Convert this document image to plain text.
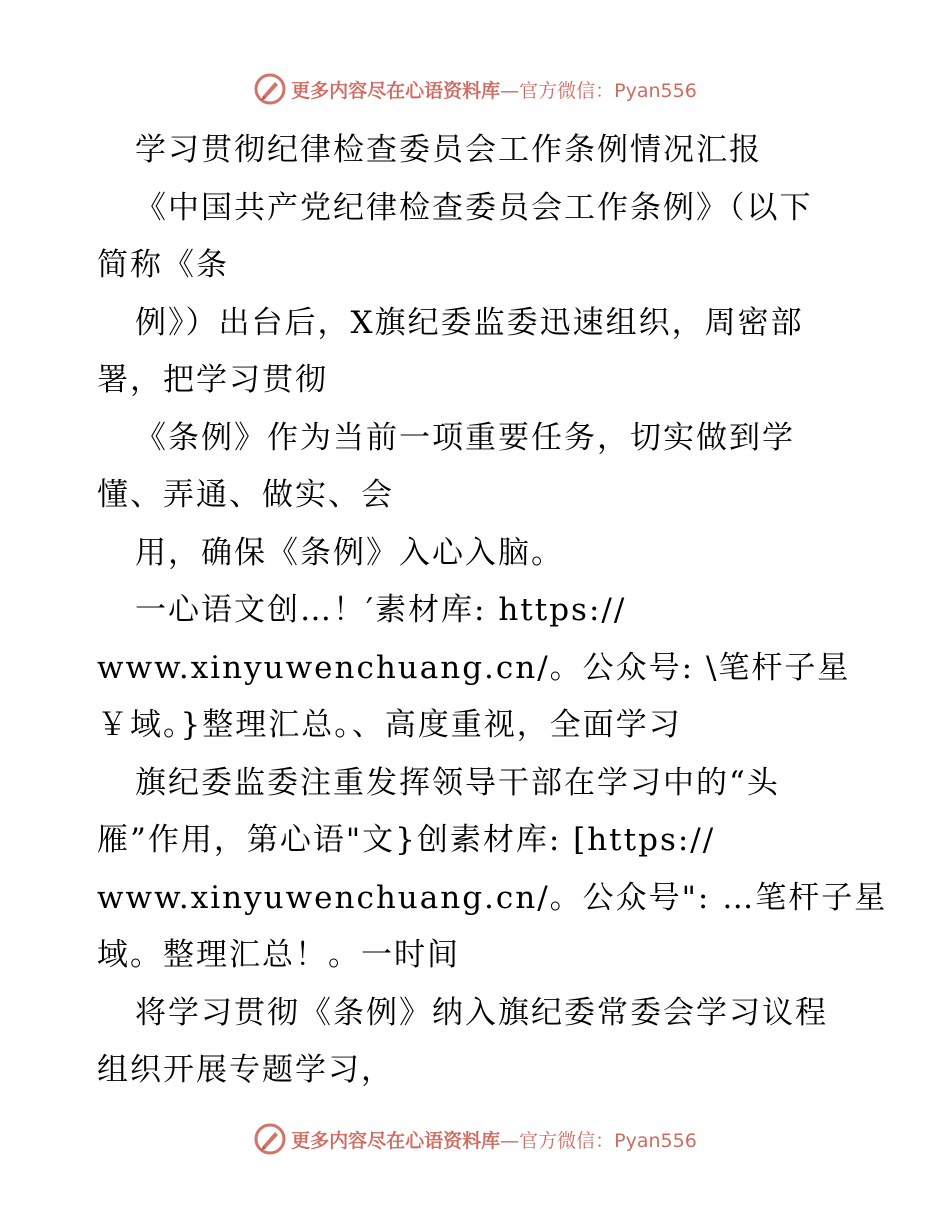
更多内容尽在心语资料库—官方微信：Pyan556
学习贯彻纪律检查委员会工作条例情况汇报
《中国共产党纪律检查委员会工作条例》（以下
简称《条
例》）出台后，X旗纪委监委迅速组织，周密部
署，把学习贯彻
《条例》作为当前一项重要任务，切实做到学
懂、弄通、做实、会
用，确保《条例》入心入脑。
一心语文创…！′素材库: https://
www.xinyuwenchuang.cn/。公众号: \笔杆子星
￥域。}整理汇总。、高度重视，全面学习
旗纪委监委注重发挥领导干部在学习中的“头
雁”作用，第心语"文}创素材库: [https://
www.xinyuwenchuang.cn/。公众号": …笔杆子星
域。整理汇总！。一时间
将学习贯彻《条例》纳入旗纪委常委会学习议程
组织开展专题学习，
更多内容尽在心语资料库—官方微信：Pyan556
